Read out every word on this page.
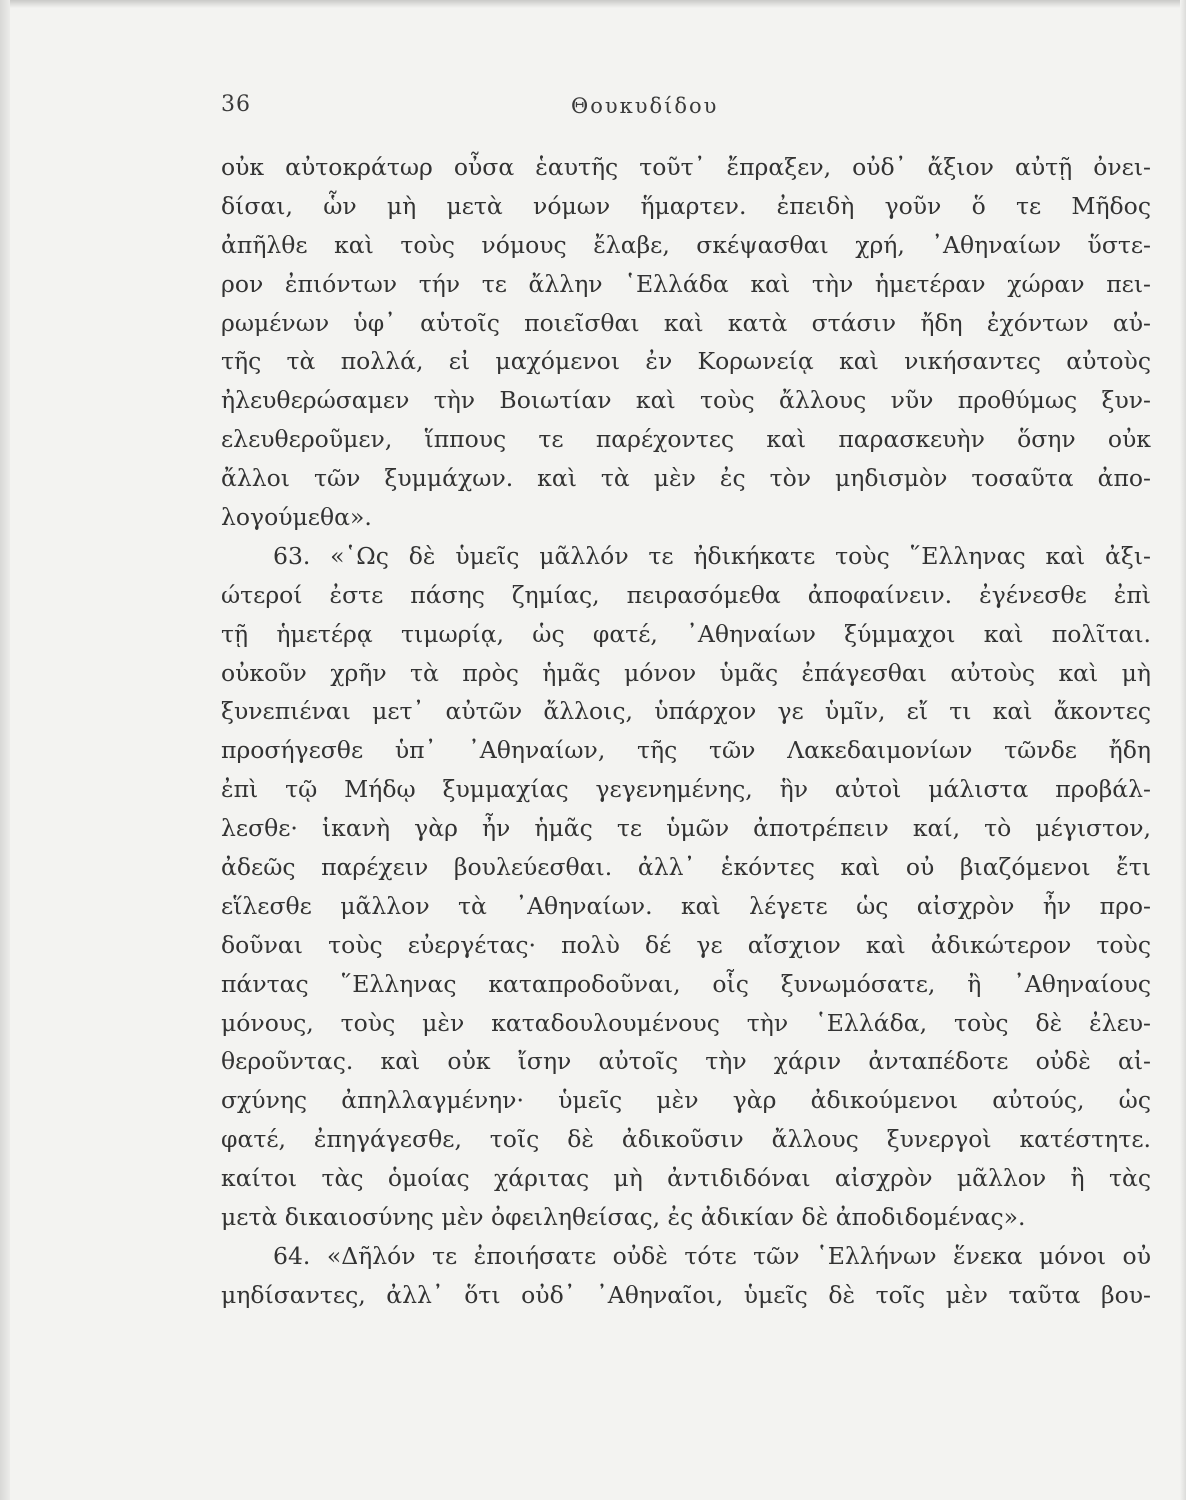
36	Θουκυδίδου
οὐκ αὐτοκράτωρ οὖσα ἑαυτῆς τοῦτ᾽ ἔπραξεν, οὐδ᾽ ἄξιον αὐτῇ ὀνει-
δίσαι, ὧν μὴ μετὰ νόμων ἥμαρτεν. ἐπειδὴ γοῦν ὅ τε Μῆδος
ἀπῆλθε καὶ τοὺς νόμους ἔλαβε, σκέψασθαι χρή, ᾿Αθηναίων ὕστε-
ρον ἐπιόντων τήν τε ἄλλην ῾Ελλάδα καὶ τὴν ἡμετέραν χώραν πει-
ρωμένων ὑφ᾽ αὑτοῖς ποιεῖσθαι καὶ κατὰ στάσιν ἤδη ἐχόντων αὐ-
τῆς τὰ πολλά, εἰ μαχόμενοι ἐν Κορωνείᾳ καὶ νικήσαντες αὐτοὺς
ἠλευθερώσαμεν τὴν Βοιωτίαν καὶ τοὺς ἄλλους νῦν προθύμως ξυν-
ελευθεροῦμεν, ἵππους τε παρέχοντες καὶ παρασκευὴν ὅσην οὐκ
ἄλλοι τῶν ξυμμάχων. καὶ τὰ μὲν ἐς τὸν μηδισμὸν τοσαῦτα ἀπο-
λογούμεθα».
63. «῾Ως δὲ ὑμεῖς μᾶλλόν τε ἠδικήκατε τοὺς ῞Ελληνας καὶ ἀξι-
ώτεροί ἐστε πάσης ζημίας, πειρασόμεθα ἀποφαίνειν. ἐγένεσθε ἐπὶ
τῇ ἡμετέρᾳ τιμωρίᾳ, ὡς φατέ, ᾿Αθηναίων ξύμμαχοι καὶ πολῖται.
οὐκοῦν χρῆν τὰ πρὸς ἡμᾶς μόνον ὑμᾶς ἐπάγεσθαι αὐτοὺς καὶ μὴ
ξυνεπιέναι μετ᾽ αὐτῶν ἄλλοις, ὑπάρχον γε ὑμῖν, εἴ τι καὶ ἄκοντες
προσήγεσθε ὑπ᾽ ᾿Αθηναίων, τῆς τῶν Λακεδαιμονίων τῶνδε ἤδη
ἐπὶ τῷ Μήδῳ ξυμμαχίας γεγενημένης, ἣν αὐτοὶ μάλιστα προβάλ-
λεσθε· ἱκανὴ γὰρ ἦν ἡμᾶς τε ὑμῶν ἀποτρέπειν καί, τὸ μέγιστον,
ἀδεῶς παρέχειν βουλεύεσθαι. ἀλλ᾽ ἑκόντες καὶ οὐ βιαζόμενοι ἔτι
εἵλεσθε μᾶλλον τὰ ᾿Αθηναίων. καὶ λέγετε ὡς αἰσχρὸν ἦν προ-
δοῦναι τοὺς εὐεργέτας· πολὺ δέ γε αἴσχιον καὶ ἀδικώτερον τοὺς
πάντας ῞Ελληνας καταπροδοῦναι, οἷς ξυνωμόσατε, ἢ ᾿Αθηναίους
μόνους, τοὺς μὲν καταδουλουμένους τὴν ῾Ελλάδα, τοὺς δὲ ἐλευ-
θεροῦντας. καὶ οὐκ ἴσην αὐτοῖς τὴν χάριν ἀνταπέδοτε οὐδὲ αἰ-
σχύνης ἀπηλλαγμένην· ὑμεῖς μὲν γὰρ ἀδικούμενοι αὐτούς, ὡς
φατέ, ἐπηγάγεσθε, τοῖς δὲ ἀδικοῦσιν ἄλλους ξυνεργοὶ κατέστητε.
καίτοι τὰς ὁμοίας χάριτας μὴ ἀντιδιδόναι αἰσχρὸν μᾶλλον ἢ τὰς
μετὰ δικαιοσύνης μὲν ὀφειληθείσας, ἐς ἀδικίαν δὲ ἀποδιδομένας».
64. «Δῆλόν τε ἐποιήσατε οὐδὲ τότε τῶν ῾Ελλήνων ἕνεκα μόνοι οὐ
μηδίσαντες, ἀλλ᾽ ὅτι οὐδ᾽ ᾿Αθηναῖοι, ὑμεῖς δὲ τοῖς μὲν ταῦτα βου-
